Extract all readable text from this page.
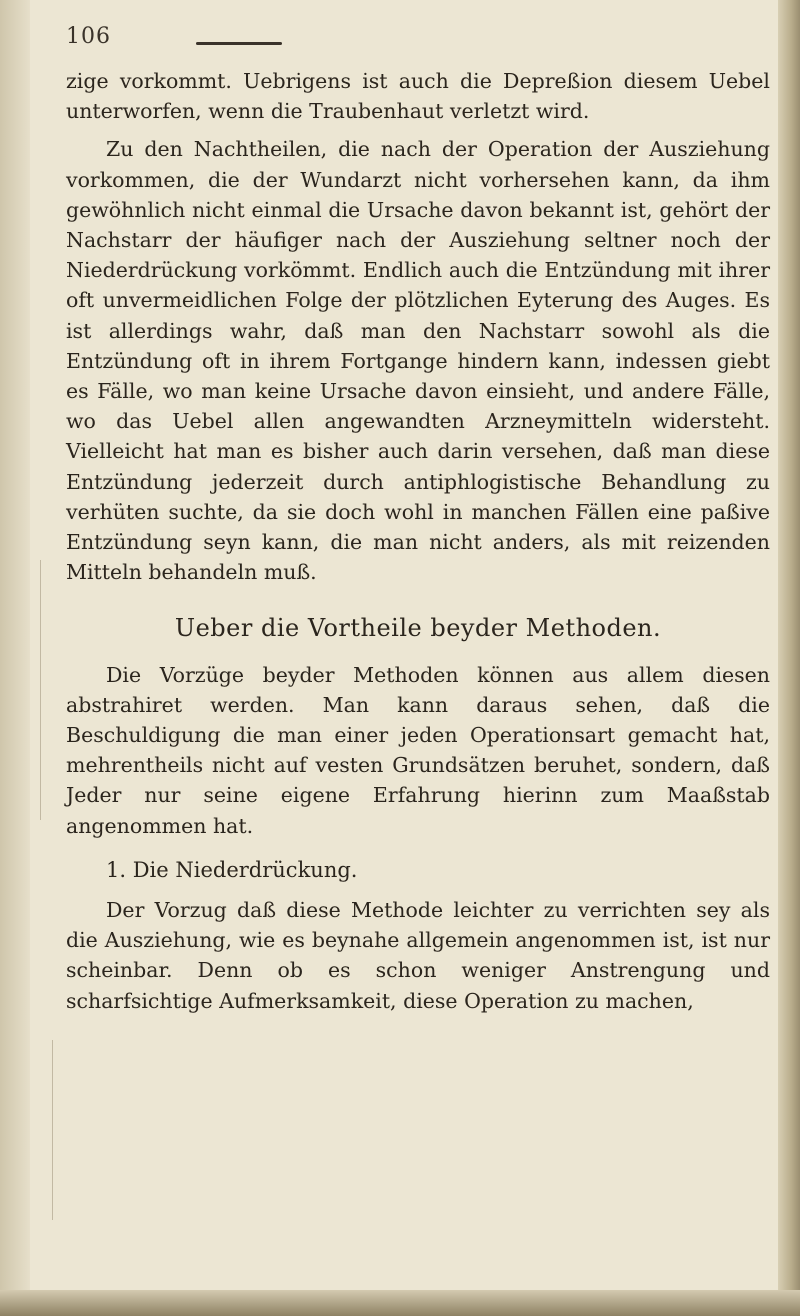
106

zige vorkommt. Uebrigens ist auch die Depreßion diesem Uebel unterworfen, wenn die Traubenhaut verletzt wird.

Zu den Nachtheilen, die nach der Operation der Ausziehung vorkommen, die der Wundarzt nicht vorhersehen kann, da ihm gewöhnlich nicht einmal die Ursache davon bekannt ist, gehört der Nachstarr der häufiger nach der Ausziehung seltner noch der Niederdrückung vorkömmt. Endlich auch die Entzündung mit ihrer oft unvermeidlichen Folge der plötzlichen Eyterung des Auges. Es ist allerdings wahr, daß man den Nachstarr sowohl als die Entzündung oft in ihrem Fortgange hindern kann, indessen giebt es Fälle, wo man keine Ursache davon einsieht, und andere Fälle, wo das Uebel allen angewandten Arzneymitteln widersteht. Vielleicht hat man es bisher auch darin versehen, daß man diese Entzündung jederzeit durch antiphlogistische Behandlung zu verhüten suchte, da sie doch wohl in manchen Fällen eine paßive Entzündung seyn kann, die man nicht anders, als mit reizenden Mitteln behandeln muß.

Ueber die Vortheile beyder Methoden.

Die Vorzüge beyder Methoden können aus allem diesen abstrahiret werden. Man kann daraus sehen, daß die Beschuldigung die man einer jeden Operationsart gemacht hat, mehrentheils nicht auf vesten Grundsätzen beruhet, sondern, daß Jeder nur seine eigene Erfahrung hierinn zum Maaßstab angenommen hat.

1. Die Niederdrückung.

Der Vorzug daß diese Methode leichter zu verrichten sey als die Ausziehung, wie es beynahe allgemein angenommen ist, ist nur scheinbar. Denn ob es schon weniger Anstrengung und scharfsichtige Aufmerksamkeit, diese Operation zu machen,
